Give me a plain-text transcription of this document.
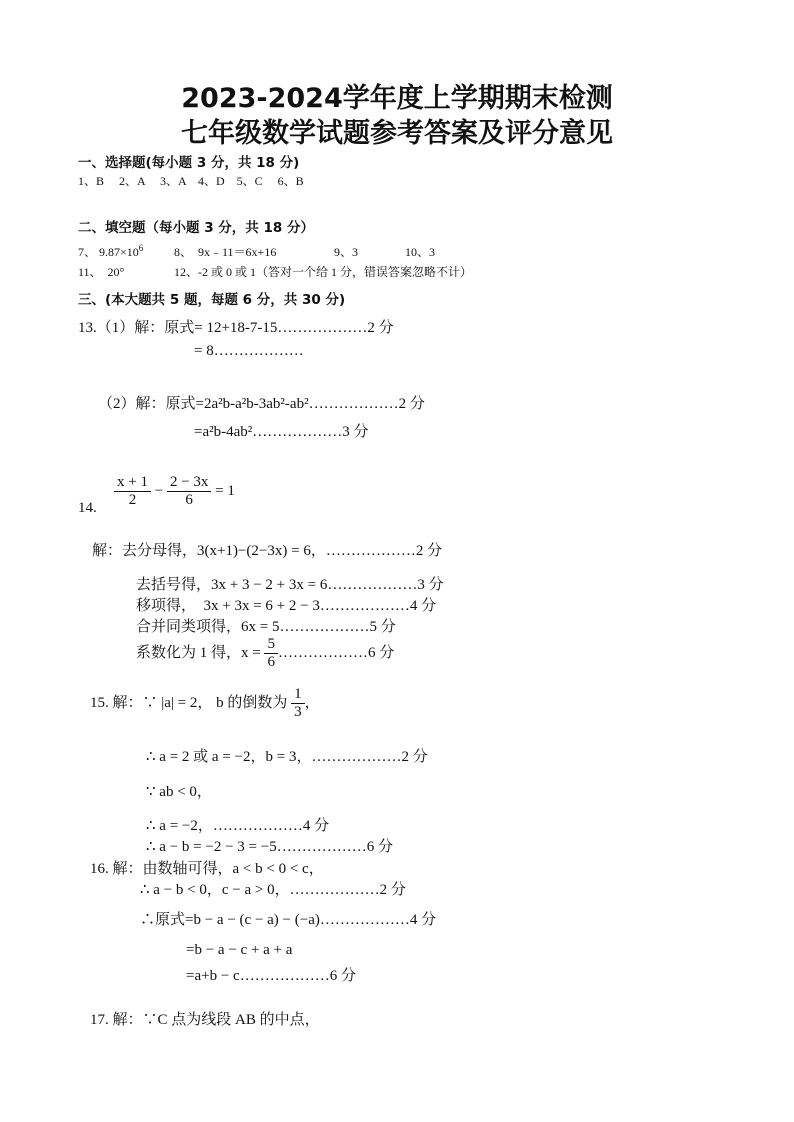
2023-2024学年度上学期期末检测
七年级数学试题参考答案及评分意见
一、选择题(每小题 3 分，共 18 分)
1、B　 2、A　 3、A　4、D　5、C　 6、B
二、填空题（每小题 3 分，共 18 分）
7、 $9.87\times 10^6$	8、　9x﹣11＝6x+16	9、3	10、3
11、　20°	12、-2 或 0 或 1（答对一个给 1 分，错误答案忽略不计）
三、(本大题共 5 题，每题 6 分，共 30 分)
13.（1）解：原式= 12+18-7-15………………2 分
= 8………………
（2）解：原式=2a²b-a²b-3ab²-ab²………………2 分
=a²b-4ab²………………3 分
14. $\frac{x + 1}{2} - \frac{2 - 3x}{6} = 1$
解：去分母得，3(x+1)−(2−3x) = 6，………………2 分
去括号得，3x + 3 − 2 + 3x = 6………………3 分
移项得，　3x + 3x = 6 + 2 − 3………………4 分
合并同类项得，6x = 5………………5 分
系数化为 1 得，$x = \frac{5}{6}$ ………………6 分
15. 解：∵ |a| = 2， b 的倒数为 $\frac{1}{3}$ ，
∴ a = 2 或 a = −2，b = 3，………………2 分
∵ ab < 0，
∴ a = −2，………………4 分
∴ a − b = −2 − 3 = −5………………6 分
16. 解：由数轴可得，a < b < 0 < c，
∴ a − b < 0，c − a > 0，………………2 分
∴原式=b − a − (c − a) − (−a)………………4 分
=b − a − c + a + a
=a+b − c………………6 分
17. 解：∵C 点为线段 AB 的中点，
